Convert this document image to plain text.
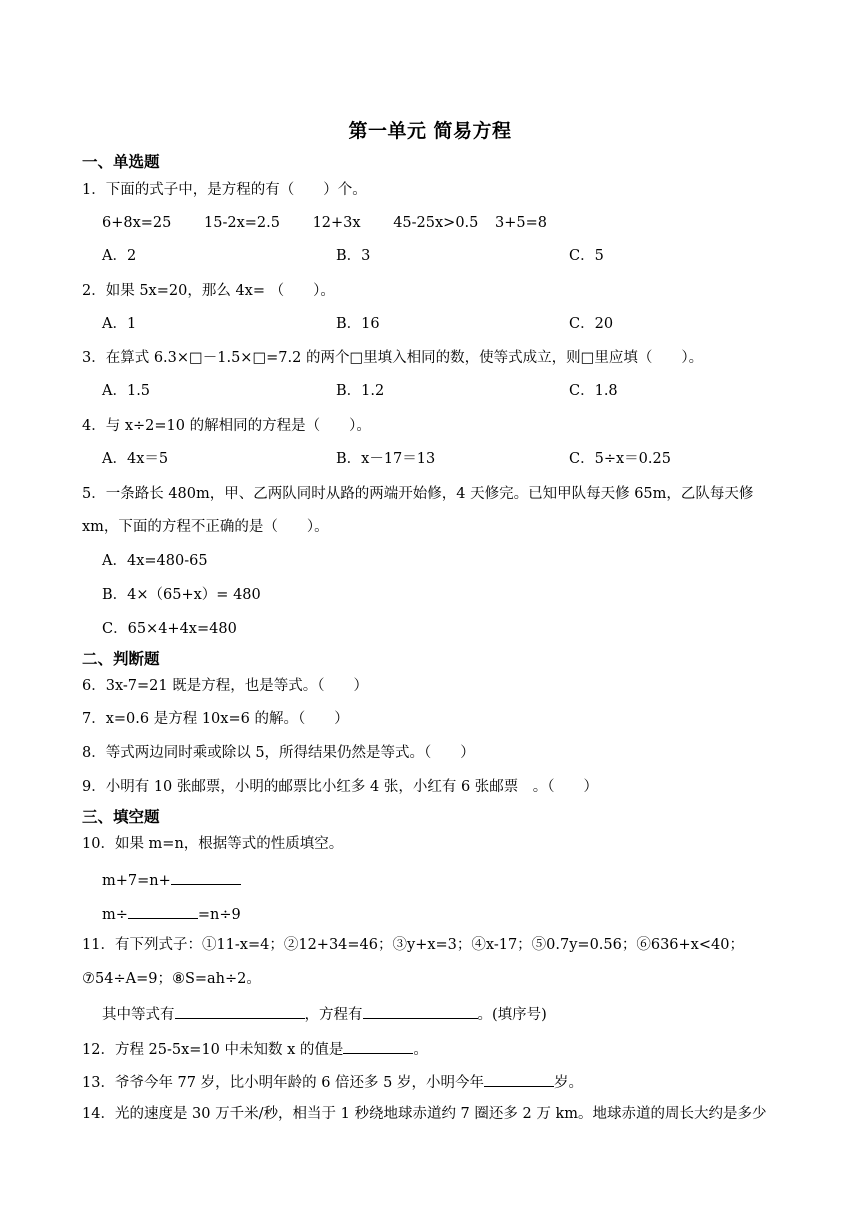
第一单元 简易方程
一、单选题
1．下面的式子中，是方程的有（　　）个。
6+8x=25 15-2x=2.5 12+3x 45-25x>0.5 3+5=8
A．2	B．3	C．5
2．如果 5x=20，那么 4x= （　　）。
A．1	B．16	C．20
3．在算式 6.3×□－1.5×□=7.2 的两个□里填入相同的数，使等式成立，则□里应填（　　）。
A．1.5	B．1.2	C．1.8
4．与 x÷2=10 的解相同的方程是（　　）。
A．4x＝5	B．x－17＝13	C．5÷x＝0.25
5．一条路长 480m，甲、乙两队同时从路的两端开始修，4 天修完。已知甲队每天修 65m，乙队每天修
xm，下面的方程不正确的是（　　）。
A．4x=480-65
B．4×（65+x）= 480
C．65×4+4x=480
二、判断题
6．3x-7=21 既是方程，也是等式。（　　）
7．x=0.6 是方程 10x=6 的解。（　　）
8．等式两边同时乘或除以 5，所得结果仍然是等式。（　　）
9．小明有 10 张邮票，小明的邮票比小红多 4 张，小红有 6 张邮票　。（　　）
三、填空题
10．如果 m=n，根据等式的性质填空。
m+7=n+
m÷	=n÷9
11．有下列式子：①11-x=4；②12+34=46；③y+x=3；④x-17；⑤0.7y=0.56；⑥636+x<40；
⑦54÷A=9；⑧S=ah÷2。
其中等式有	，方程有	。(填序号)
12．方程 25-5x=10 中未知数 x 的值是	。
13．爷爷今年 77 岁，比小明年龄的 6 倍还多 5 岁，小明今年	岁。
14．光的速度是 30 万千米/秒，相当于 1 秒绕地球赤道约 7 圈还多 2 万 km。地球赤道的周长大约是多少
